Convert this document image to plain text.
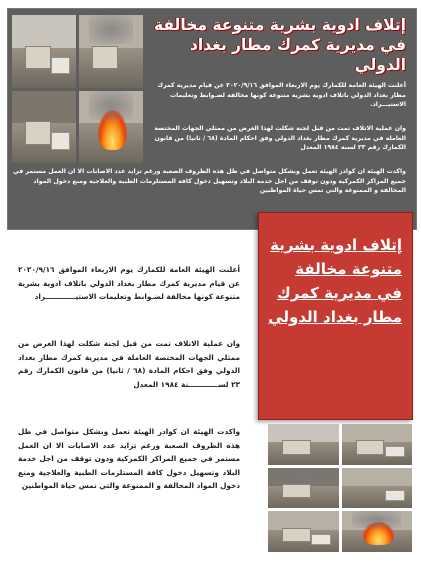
إتلاف ادوية بشرية متنوعة مخالفة في مديرية كمرك مطار بغداد الدولي
أعلنت الهيئة العامة للكمارك يوم الاربعاء الموافق ٢٠٢٠/٩/١٦ عن قيام مديرية كمرك مطار بغداد الدولي باتلاف ادوية بشرية متنوعة كونها مخالفة لضـوابط وتعليمات الاستيـــراد.
وان عملية الاتلاف تمت من قبل لجنة شكلت لهذا الغرض من ممثلي الجهات المختصة العاملة في مديرية كمرك مطار بغداد الدولي وفق احكام المادة (٦٨ / ثانيا) من قانون الكمارك رقم ٢٣ لسنة ١٩٨٤ المعدل
واكدت الهيئة ان كوادر الهيئة تعمل وبشكل متواصل في ظل هذه الظروف الصعبة ورغم تزايد عدد الاصابات الا ان العمل مستمر في جميع المراكز الكمركية ودون توقف من اجل خدمة البلاد وتسهيل دخول كافة المستلزمات الطبية والعلاجية ومنع دخول المواد المخالفة و الممنوعة والتي تمس حياة المواطنين
إتلاف ادوية بشرية متنوعة مخالفة في مديرية كمرك مطار بغداد الدولي
أعلنت الهيئة العامة للكمارك يوم الاربعاء الموافق ٢٠٢٠/٩/١٦ عن قيام مديرية كمرك مطار بغداد الدولي باتلاف ادوية بشرية متنوعة كونها مخالفة لضـوابط وتعليمات الاستيــــــــــــراد
وان عملية الاتلاف تمت من قبل لجنة شكلت لهذا الغرض من ممثلي الجهات المختصة العاملة في مديرية كمرك مطار بغداد الدولي وفق احكام المادة (٦٨ / ثانيا) من قانون الكمارك رقم ٢٣ لســــــــــــنة ١٩٨٤ المعدل
واكدت الهيئة ان كوادر الهيئة تعمل وبشكل متواصل في ظل هذه الظروف الصعبة ورغم تزايد عدد الاصابات الا ان العمل مستمر في جميع المراكز الكمركية ودون توقف من اجل خدمة البلاد وتسهيل دخول كافة المستلزمات الطبية والعلاجية ومنع دخول المواد المخالفة و الممنوعة والتي تمس حياة المواطنين
